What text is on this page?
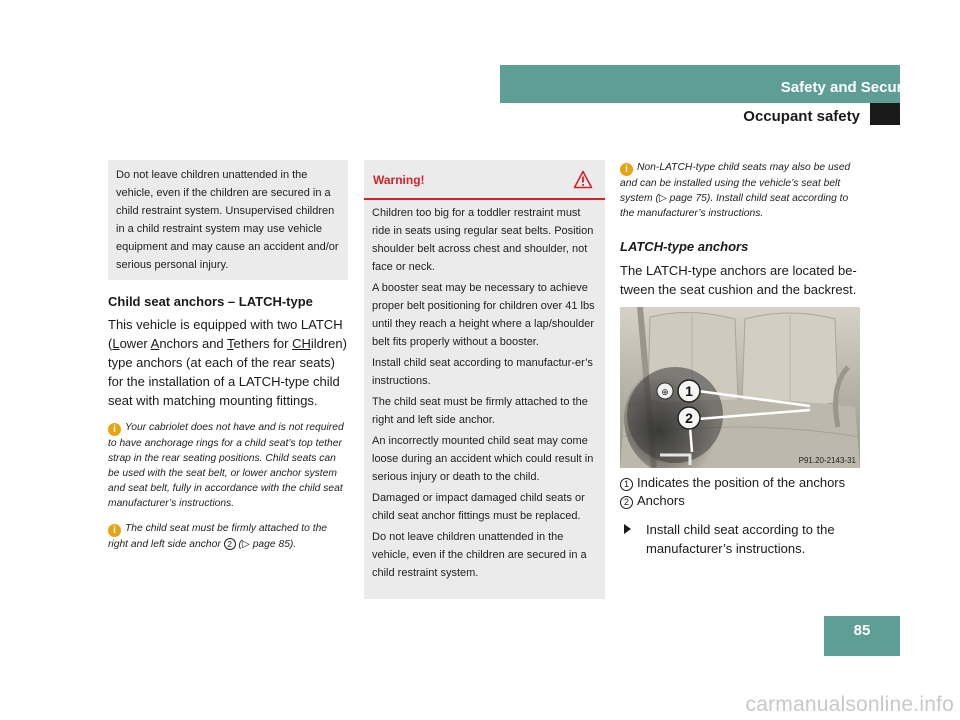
Safety and Security
Occupant safety
Do not leave children unattended in the vehicle, even if the children are secured in a child restraint system. Unsupervised children in a child restraint system may use vehicle equipment and may cause an accident and/or serious personal injury.
Child seat anchors – LATCH-type
This vehicle is equipped with two LATCH (Lower Anchors and Tethers for CHildren) type anchors (at each of the rear seats) for the installation of a LATCH-type child seat with matching mounting fittings.
i Your cabriolet does not have and is not required to have anchorage rings for a child seat’s top tether strap in the rear seating positions. Child seats can be used with the seat belt, or lower anchor system and seat belt, fully in accordance with the child seat manufacturer’s instructions.
i The child seat must be firmly attached to the right and left side anchor 2 (▷ page 85).
Warning!

Children too big for a toddler restraint must ride in seats using regular seat belts. Position shoulder belt across chest and shoulder, not face or neck.

A booster seat may be necessary to achieve proper belt positioning for children over 41 lbs until they reach a height where a lap/shoulder belt fits properly without a booster.

Install child seat according to manufactur-er’s instructions.

The child seat must be firmly attached to the right and left side anchor.

An incorrectly mounted child seat may come loose during an accident which could result in serious injury or death to the child.

Damaged or impact damaged child seats or child seat anchor fittings must be replaced.

Do not leave children unattended in the vehicle, even if the children are secured in a child restraint system.

i Non-LATCH-type child seats may also be used and can be installed using the vehicle’s seat belt system (▷ page 75). Install child seat according to the manufacturer’s instructions.
LATCH-type anchors
The LATCH-type anchors are located be-tween the seat cushion and the backrest.
⊕ 1
2
P91.20-2143-31
1 Indicates the position of the anchors
2 Anchors
Install child seat according to the manufacturer’s instructions.
85
carmanualsonline.info
